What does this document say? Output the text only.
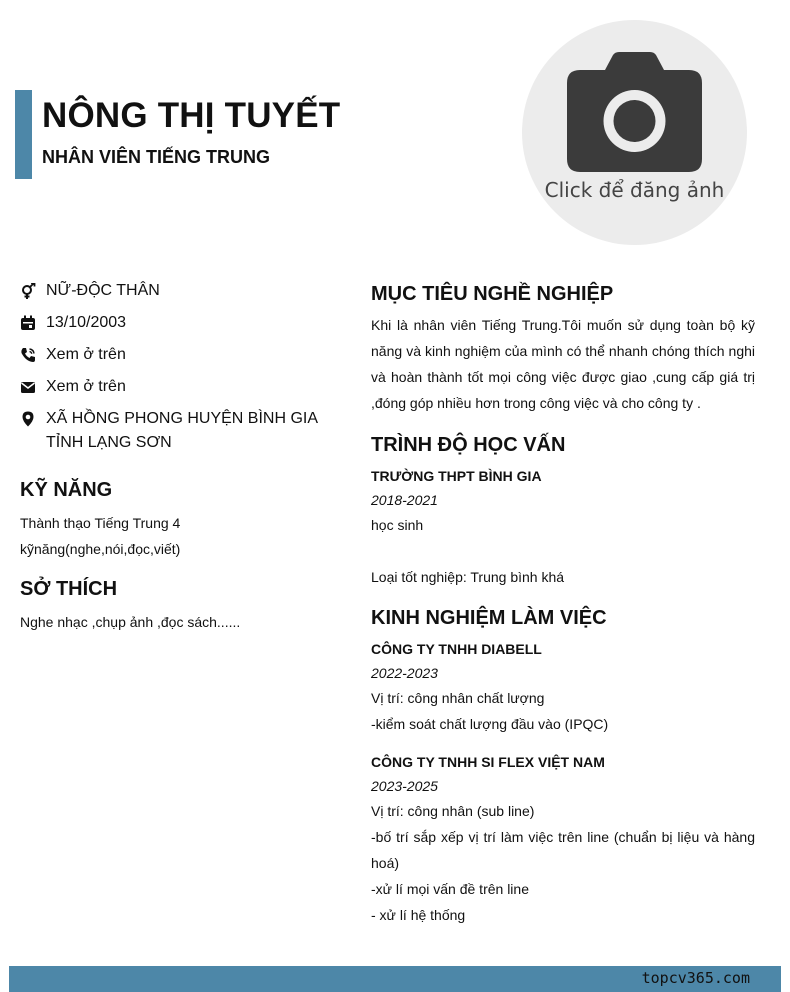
NÔNG THỊ TUYẾT
NHÂN VIÊN TIẾNG TRUNG
Click để đăng ảnh
NỮ-ĐỘC THÂN
13/10/2003
Xem ở trên
Xem ở trên
XÃ HỒNG PHONG HUYỆN BÌNH GIA
TỈNH LẠNG SƠN
KỸ NĂNG
Thành thạo Tiếng Trung 4
kỹnăng(nghe,nói,đọc,viết)
SỞ THÍCH
Nghe nhạc ,chụp ảnh ,đọc sách......
MỤC TIÊU NGHỀ NGHIỆP
Khi là nhân viên Tiếng Trung.Tôi muốn sử dụng toàn bộ kỹ năng và kinh nghiệm của mình có thể nhanh chóng thích nghi và hoàn thành tốt mọi công việc được giao ,cung cấp giá trị ,đóng góp nhiều hơn trong công việc và cho công ty .
TRÌNH ĐỘ HỌC VẤN
TRƯỜNG THPT BÌNH GIA
2018-2021
học sinh
Loại tốt nghiệp: Trung bình khá
KINH NGHIỆM LÀM VIỆC
CÔNG TY TNHH DIABELL
2022-2023
Vị trí: công nhân chất lượng
-kiểm soát chất lượng đầu vào (IPQC)
CÔNG TY TNHH SI FLEX VIỆT NAM
2023-2025
Vị trí: công nhân (sub line)
-bố trí sắp xếp vị trí làm việc trên line (chuẩn bị liệu và hàng hoá)
-xử lí mọi vấn đề trên line
- xử lí hệ thống
topcv365.com
